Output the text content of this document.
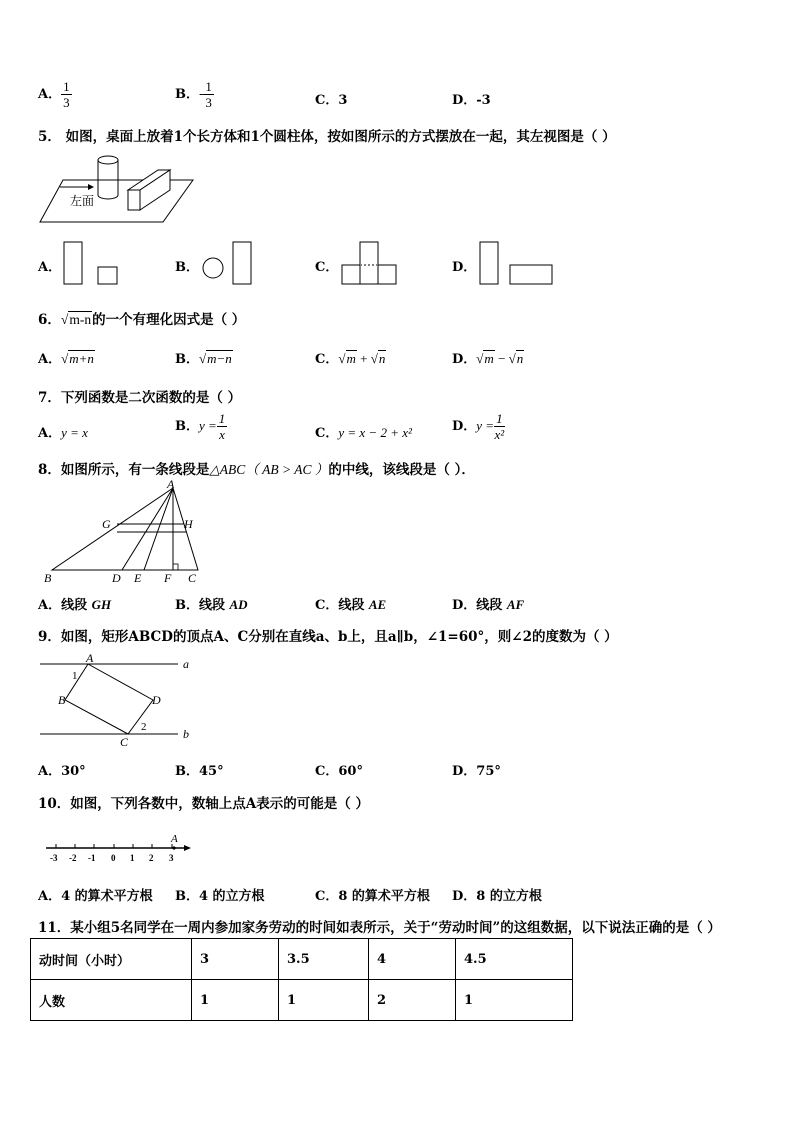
A． $\frac{1}{3}$	B．- $\frac{1}{3}$	C．3	D．-3
5． 如图，桌面上放着1个长方体和1个圆柱体，按如图所示的方式摆放在一起，其左视图是（ ）
左面
A．	B．	C．	D．
6．√m-n的一个有理化因式是（ ）
A．√m+n	B．√m−n	C．√m + √n	D．√m − √n
7．下列函数是二次函数的是（ ）
A．y = x	B．$y = \frac{1}{x}$	C．y = x − 2 + x²	D．$y = \frac{1}{\text{x²}}$
8．如图所示，有一条线段是△ABC（ AB > AC ）的中线，该线段是（ ）．
A
G	H
B	D E F C
A．线段 GH	B．线段 AD	C．线段 AE	D．线段 AF
9．如图，矩形ABCD的顶点A、C分别在直线a、b上，且a∥b，∠1=60°，则∠2的度数为（ ）
A
B	D
C
a
b
1
2
A．30°	B．45°	C．60°	D．75°
10．如图，下列各数中，数轴上点A表示的可能是（ ）
A
-3 -2 -1 0 1 2 3
A．4 的算术平方根 B．4 的立方根	C．8 的算术平方根 D．8 的立方根
11．某小组5名同学在一周内参加家务劳动的时间如表所示，关于“劳动时间”的这组数据，以下说法正确的是（ ）
动时间（小时）	3	3.5	4	4.5
人数	1	1	2	1
